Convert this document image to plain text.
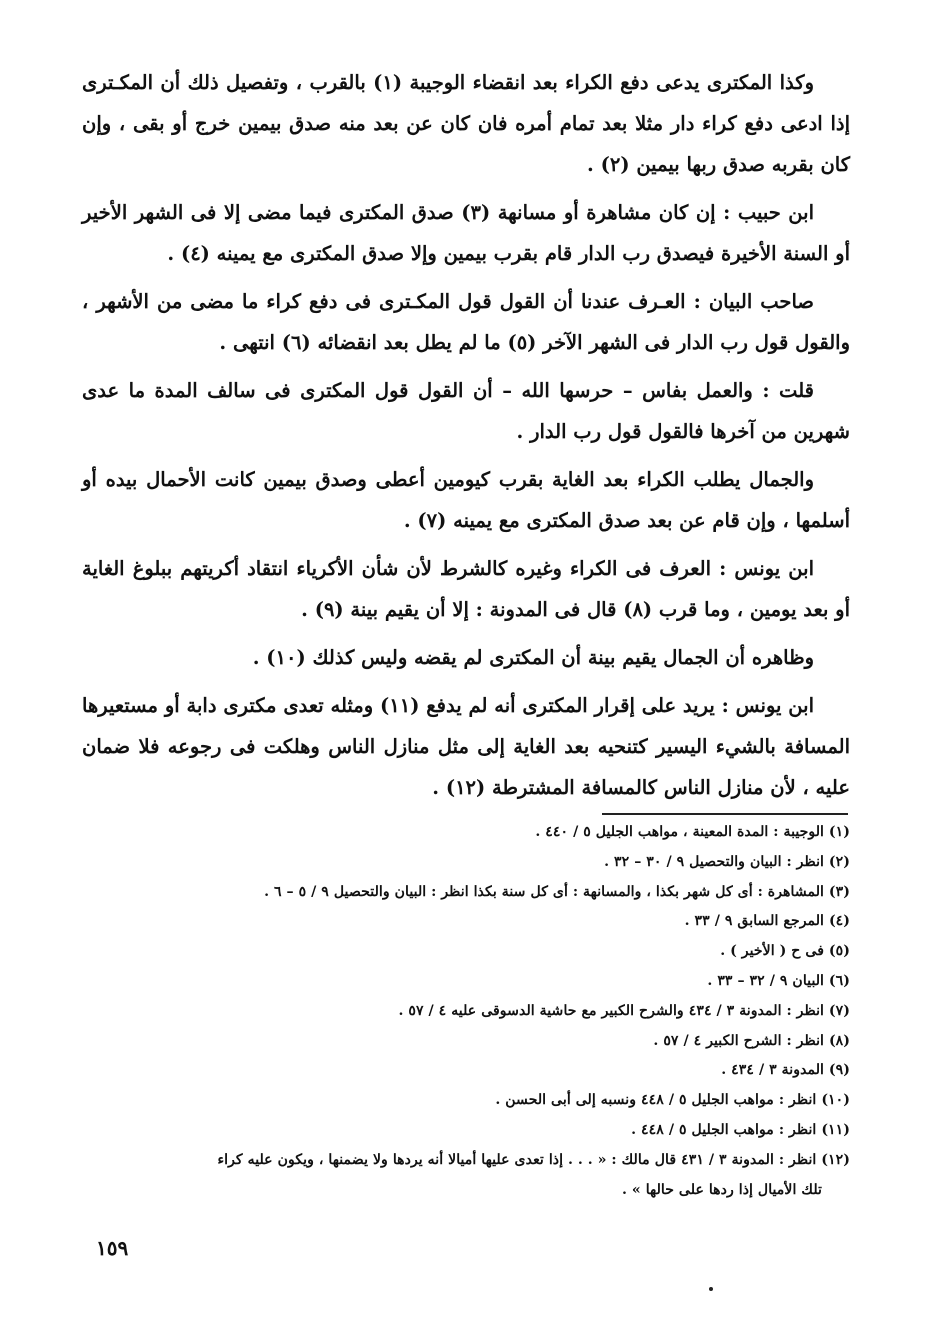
وكذا المكترى يدعى دفع الكراء بعد انقضاء الوجيبة (١) بالقرب ، وتفصيل ذلك أن المكـترى إذا ادعى دفع كراء دار مثلا بعد تمام أمره فان كان عن بعد منه صدق بيمين خرج أو بقى ، وإن كان بقربه صدق ربها بيمين (٢) .

ابن حبيب : إن كان مشاهرة أو مسانهة (٣) صدق المكترى فيما مضى إلا فى الشهر الأخير أو السنة الأخيرة فيصدق رب الدار قام بقرب بيمين وإلا صدق المكترى مع يمينه (٤) .

صاحب البيان : العـرف عندنا أن القول قول المكـترى فى دفع كراء ما مضى من الأشهر ، والقول قول رب الدار فى الشهر الآخر (٥) ما لم يطل بعد انقضائه (٦) انتهى .

قلت : والعمل بفاس – حرسها الله – أن القول قول المكترى فى سالف المدة ما عدى شهرين من آخرها فالقول قول رب الدار .

والجمال يطلب الكراء بعد الغاية بقرب كيومين أعطى وصدق بيمين كانت الأحمال بيده أو أسلمها ، وإن قام عن بعد صدق المكترى مع يمينه (٧) .

ابن يونس : العرف فى الكراء وغيره كالشرط لأن شأن الأكرياء انتقاد أكريتهم ببلوغ الغاية أو بعد يومين ، وما قرب (٨) قال فى المدونة : إلا أن يقيم بينة (٩) .

وظاهره أن الجمال يقيم بينة أن المكترى لم يقضه وليس كذلك (١٠) .

ابن يونس : يريد على إقرار المكترى أنه لم يدفع (١١) ومثله تعدى مكترى دابة أو مستعيرها المسافة بالشيء اليسير كتنحيه بعد الغاية إلى مثل منازل الناس وهلكت فى رجوعه فلا ضمان عليه ، لأن منازل الناس كالمسافة المشترطة (١٢) .

(١) الوجيبة : المدة المعينة ، مواهب الجليل ٥ / ٤٤٠ .

(٢) انظر : البيان والتحصيل ٩ / ٣٠ – ٣٢ .

(٣) المشاهرة : أى كل شهر بكذا ، والمسانهة : أى كل سنة بكذا انظر : البيان والتحصيل ٩ / ٥ – ٦ .

(٤) المرجع السابق ٩ / ٣٣ .

(٥) فى ح ( الأخير ) .

(٦) البيان ٩ / ٣٢ – ٣٣ .

(٧) انظر : المدونة ٣ / ٤٣٤ والشرح الكبير مع حاشية الدسوقى عليه ٤ / ٥٧ .

(٨) انظر : الشرح الكبير ٤ / ٥٧ .

(٩) المدونة ٣ / ٤٣٤ .

(١٠) انظر : مواهب الجليل ٥ / ٤٤٨ ونسبه إلى أبى الحسن .

(١١) انظر : مواهب الجليل ٥ / ٤٤٨ .

(١٢) انظر : المدونة ٣ / ٤٣١ قال مالك : « . . . إذا تعدى عليها أميالا أنه يردها ولا يضمنها ، ويكون عليه كراء
تلك الأميال إذا ردها على حالها » .

١٥٩
